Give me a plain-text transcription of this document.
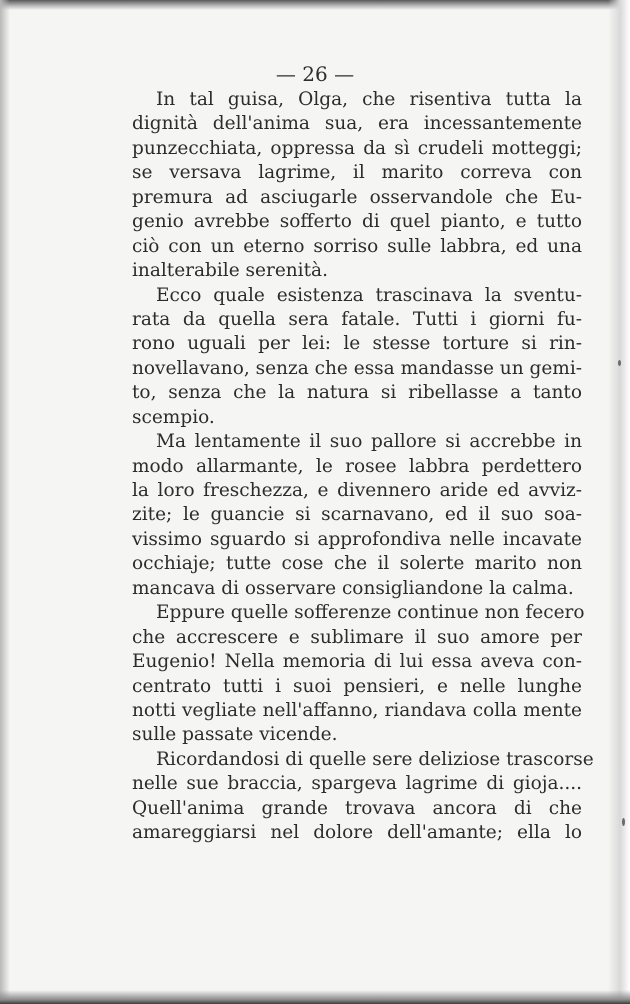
— 26 —

In tal guisa, Olga, che risentiva tutta la
dignità dell'anima sua, era incessantemente
punzecchiata, oppressa da sì crudeli motteggi;
se versava lagrime, il marito correva con
premura ad asciugarle osservandole che Eu-
genio avrebbe sofferto di quel pianto, e tutto
ciò con un eterno sorriso sulle labbra, ed una
inalterabile serenità.
Ecco quale esistenza trascinava la sventu-
rata da quella sera fatale. Tutti i giorni fu-
rono uguali per lei: le stesse torture si rin-
novellavano, senza che essa mandasse un gemi-
to, senza che la natura si ribellasse a tanto
scempio.
Ma lentamente il suo pallore si accrebbe in
modo allarmante, le rosee labbra perdettero
la loro freschezza, e divennero aride ed avviz-
zite; le guancie si scarnavano, ed il suo soa-
vissimo sguardo si approfondiva nelle incavate
occhiaje; tutte cose che il solerte marito non
mancava di osservare consigliandone la calma.
Eppure quelle sofferenze continue non fecero
che accrescere e sublimare il suo amore per
Eugenio! Nella memoria di lui essa aveva con-
centrato tutti i suoi pensieri, e nelle lunghe
notti vegliate nell'affanno, riandava colla mente
sulle passate vicende.
Ricordandosi di quelle sere deliziose trascorse
nelle sue braccia, spargeva lagrime di gioja....
Quell'anima grande trovava ancora di che
amareggiarsi nel dolore dell'amante; ella lo
